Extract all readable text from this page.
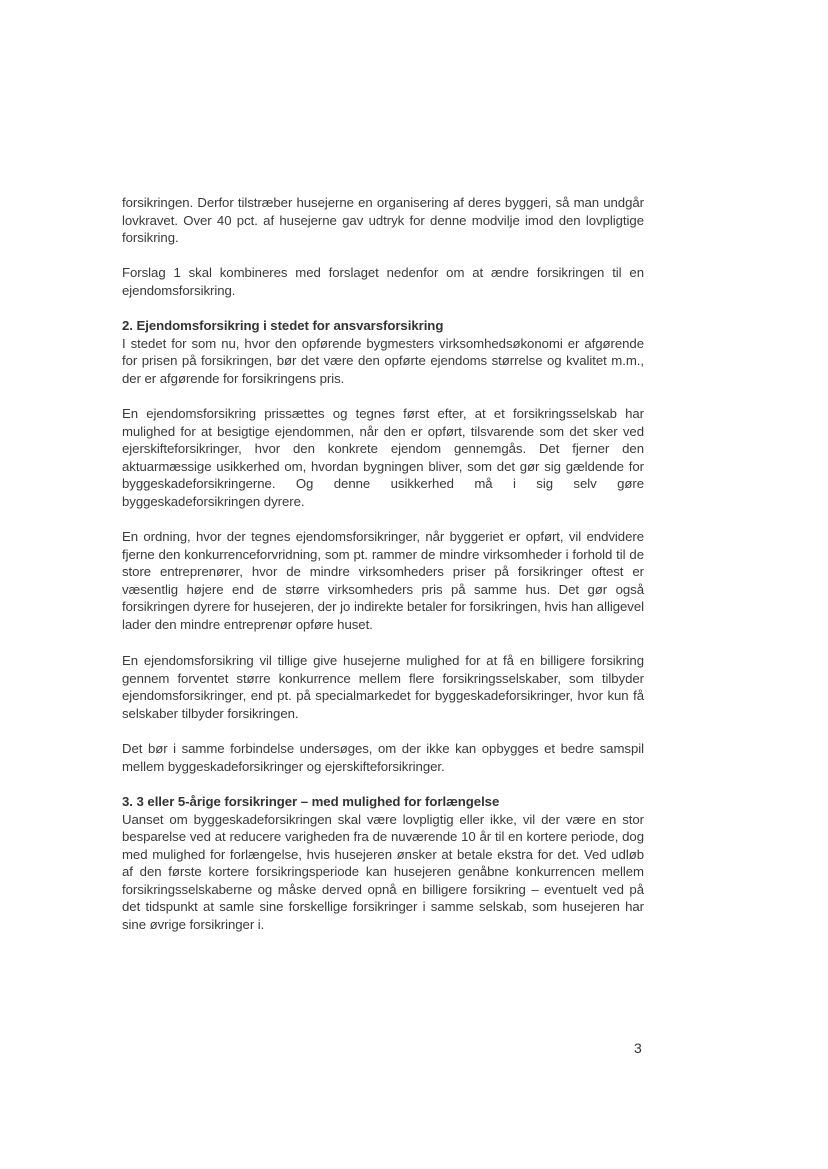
forsikringen. Derfor tilstræber husejerne en organisering af deres byggeri, så man undgår lovkravet. Over 40 pct. af husejerne gav udtryk for denne modvilje imod den lovpligtige forsikring.

Forslag 1 skal kombineres med forslaget nedenfor om at ændre forsikringen til en ejendomsforsikring.

2. Ejendomsforsikring i stedet for ansvarsforsikring

I stedet for som nu, hvor den opførende bygmesters virksomhedsøkonomi er afgørende for prisen på forsikringen, bør det være den opførte ejendoms størrelse og kvalitet m.m., der er afgørende for forsikringens pris.

En ejendomsforsikring prissættes og tegnes først efter, at et forsikringsselskab har mulighed for at besigtige ejendommen, når den er opført, tilsvarende som det sker ved ejerskifteforsikringer, hvor den konkrete ejendom gennemgås. Det fjerner den aktuarmæssige usikkerhed om, hvordan bygningen bliver, som det gør sig gældende for byggeskadeforsikringerne. Og denne usikkerhed må i sig selv gøre byggeskadeforsikringen dyrere.

En ordning, hvor der tegnes ejendomsforsikringer, når byggeriet er opført, vil endvidere fjerne den konkurrenceforvridning, som pt. rammer de mindre virksomheder i forhold til de store entreprenører, hvor de mindre virksomheders priser på forsikringer oftest er væsentlig højere end de større virksomheders pris på samme hus. Det gør også forsikringen dyrere for husejeren, der jo indirekte betaler for forsikringen, hvis han alligevel lader den mindre entreprenør opføre huset.

En ejendomsforsikring vil tillige give husejerne mulighed for at få en billigere forsikring gennem forventet større konkurrence mellem flere forsikringsselskaber, som tilbyder ejendomsforsikringer, end pt. på specialmarkedet for byggeskadeforsikringer, hvor kun få selskaber tilbyder forsikringen.

Det bør i samme forbindelse undersøges, om der ikke kan opbygges et bedre samspil mellem byggeskadeforsikringer og ejerskifteforsikringer.

3. 3 eller 5-årige forsikringer – med mulighed for forlængelse

Uanset om byggeskadeforsikringen skal være lovpligtig eller ikke, vil der være en stor besparelse ved at reducere varigheden fra de nuværende 10 år til en kortere periode, dog med mulighed for forlængelse, hvis husejeren ønsker at betale ekstra for det. Ved udløb af den første kortere forsikringsperiode kan husejeren genåbne konkurrencen mellem forsikringsselskaberne og måske derved opnå en billigere forsikring – eventuelt ved på det tidspunkt at samle sine forskellige forsikringer i samme selskab, som husejeren har sine øvrige forsikringer i.

3
